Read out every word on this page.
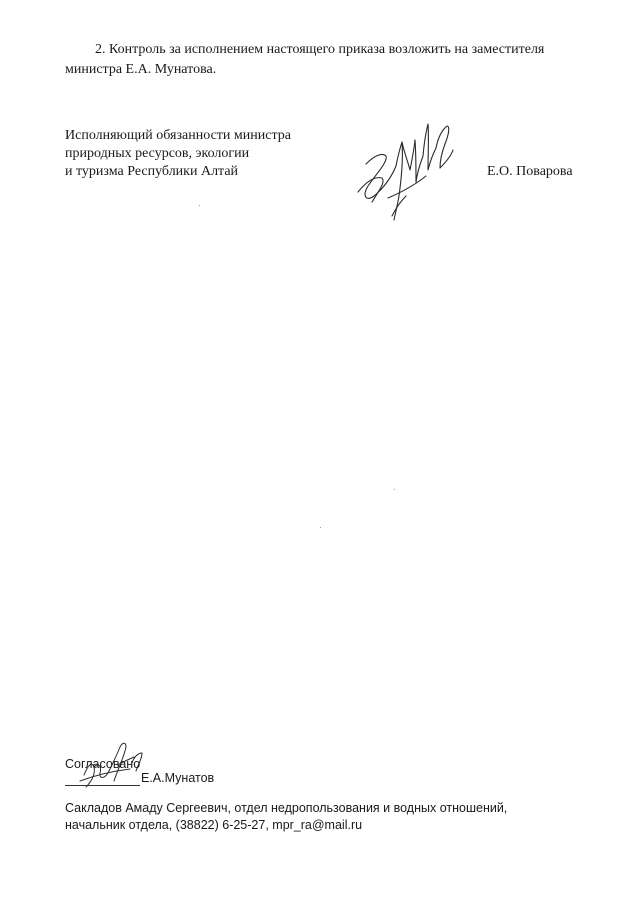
2. Контроль за исполнением настоящего приказа возложить на заместителя
министра Е.А. Мунатова.
Исполняющий обязанности министра
природных ресурсов, экологии
и туризма Республики Алтай	Е.О. Поварова
Согласовано
Е.А.Мунатов
Сакладов Амаду Сергеевич, отдел недропользования и водных отношений,
начальник отдела, (38822) 6-25-27, mpr_ra@mail.ru
